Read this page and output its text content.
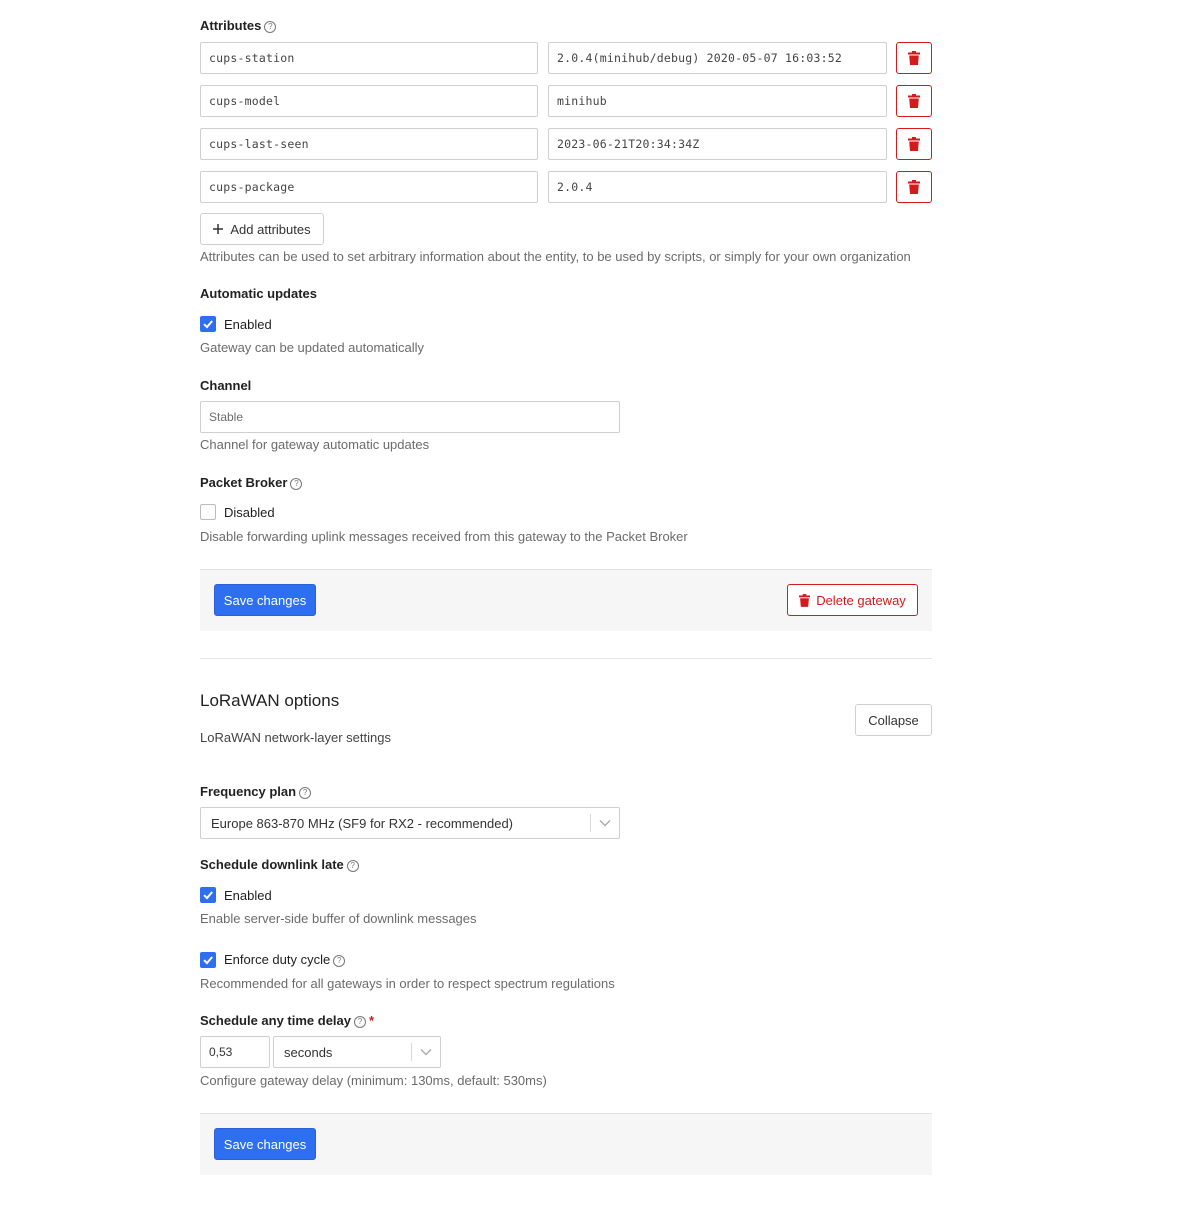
Attributes ?
cups-station	2.0.4(minihub/debug) 2020-05-07 16:03:52
cups-model	minihub
cups-last-seen	2023-06-21T20:34:34Z
cups-package	2.0.4
Add attributes
Attributes can be used to set arbitrary information about the entity, to be used by scripts, or simply for your own organization
Automatic updates
Enabled
Gateway can be updated automatically
Channel
Stable
Channel for gateway automatic updates
Packet Broker ?
Disabled
Disable forwarding uplink messages received from this gateway to the Packet Broker
Save changes	Delete gateway
LoRaWAN options
Collapse
LoRaWAN network-layer settings
Frequency plan ?
Europe 863-870 MHz (SF9 for RX2 - recommended)
Schedule downlink late ?
Enabled
Enable server-side buffer of downlink messages
Enforce duty cycle ?
Recommended for all gateways in order to respect spectrum regulations
Schedule any time delay ? *
0,53	seconds
Configure gateway delay (minimum: 130ms, default: 530ms)
Save changes
